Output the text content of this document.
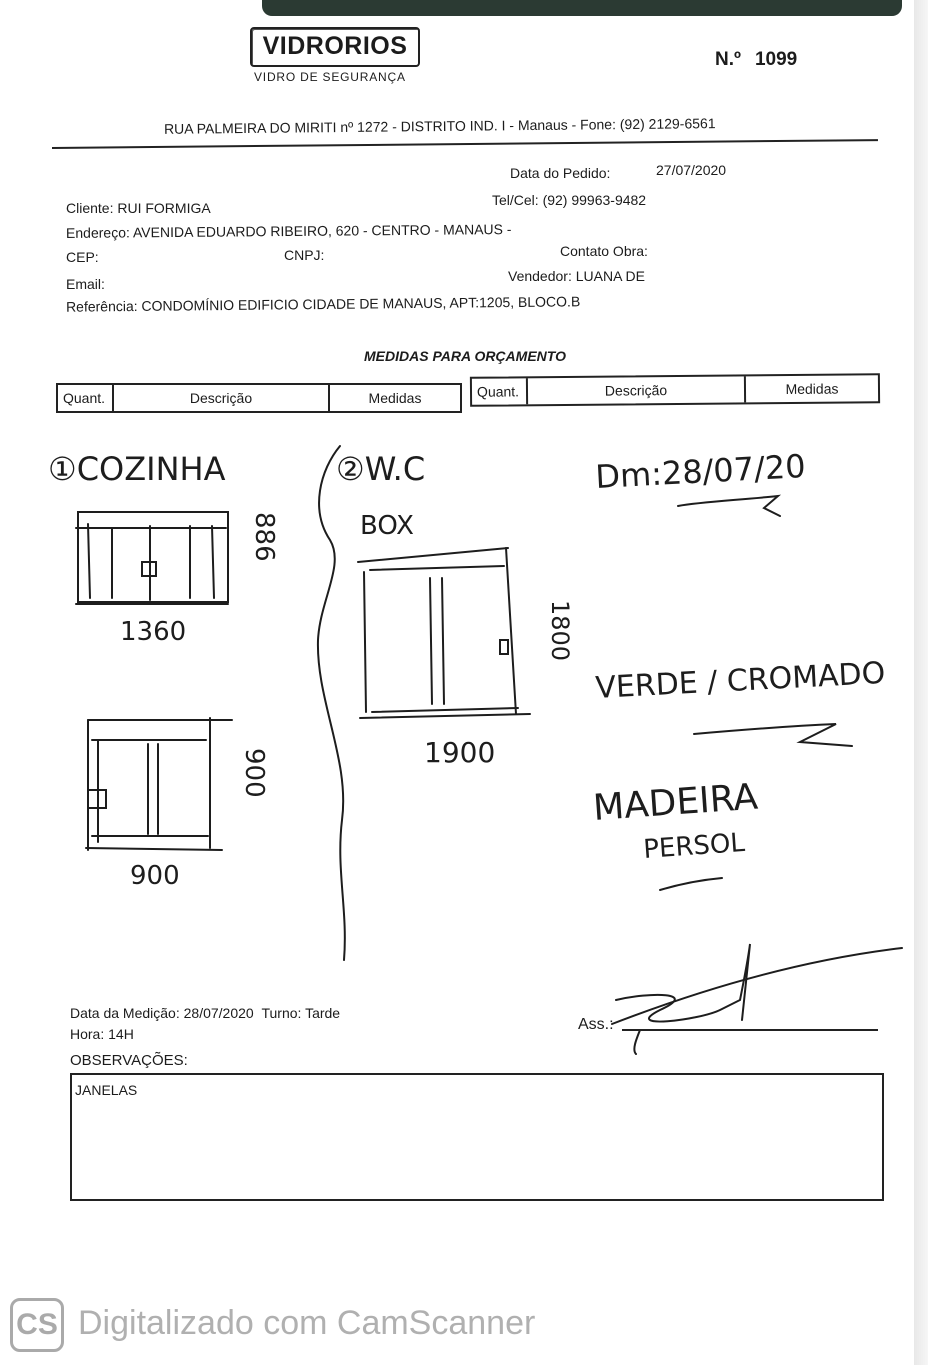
VIDRORIOS
VIDRO DE SEGURANÇA
N.º 1099
RUA PALMEIRA DO MIRITI nº 1272 - DISTRITO IND. I - Manaus - Fone: (92) 2129-6561
Data do Pedido:	27/07/2020
Tel/Cel: (92) 99963-9482
Cliente: RUI FORMIGA
Endereço: AVENIDA EDUARDO RIBEIRO, 620 - CENTRO - MANAUS -
CEP:	CNPJ:	Contato Obra:
Email:	Vendedor: LUANA DE
Referência: CONDOMÍNIO EDIFICIO CIDADE DE MANAUS, APT:1205, BLOCO.B
MEDIDAS PARA ORÇAMENTO
Quant.	Descrição	Medidas	Quant.	Descrição	Medidas
①COZINHA	②W.C
BOX
Dm:28/07/20
1360
886
900
900	1900
1800
VERDE / CROMADO
MADEIRA
PERSOL
Data da Medição: 28/07/2020 Turno: Tarde
Hora: 14H
OBSERVAÇÕES:
Ass.:
JANELAS
CS Digitalizado com CamScanner
